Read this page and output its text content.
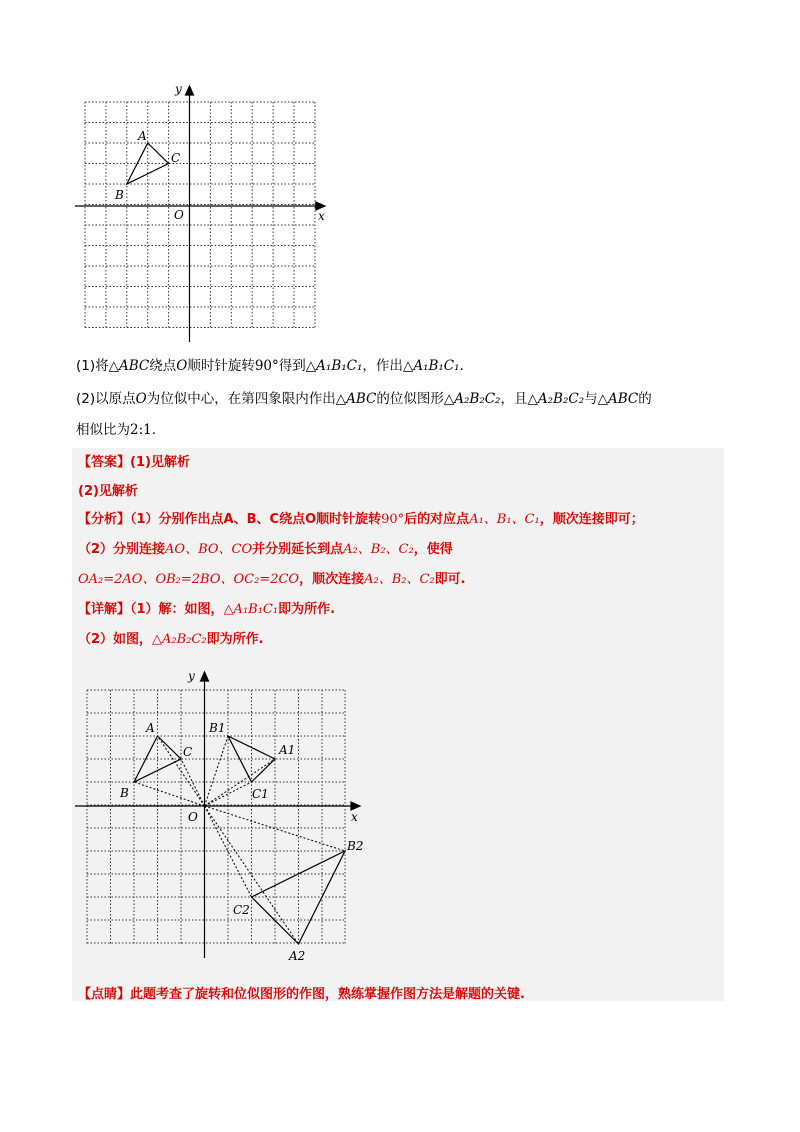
y
x
O
A
B
C
(1)将△ABC绕点O顺时针旋转90°得到△A₁B₁C₁，作出△A₁B₁C₁.
(2)以原点O为位似中心，在第四象限内作出△ABC的位似图形△A₂B₂C₂，且△A₂B₂C₂与△ABC的
相似比为2:1.
【答案】(1)见解析
(2)见解析
【分析】（1）分别作出点A、B、C绕点O顺时针旋转90°后的对应点A₁、B₁、C₁，顺次连接即可；
（2）分别连接AO、BO、CO并分别延长到点A₂、B₂、C₂，使得
OA₂=2AO、OB₂=2BO、OC₂=2CO，顺次连接A₂、B₂、C₂即可.
【详解】（1）解：如图，△A₁B₁C₁即为所作.
（2）如图，△A₂B₂C₂即为所作.
y
x
O
A
B
C
B1
A1
C1
B2
C2
A2
【点睛】此题考查了旋转和位似图形的作图，熟练掌握作图方法是解题的关键.
